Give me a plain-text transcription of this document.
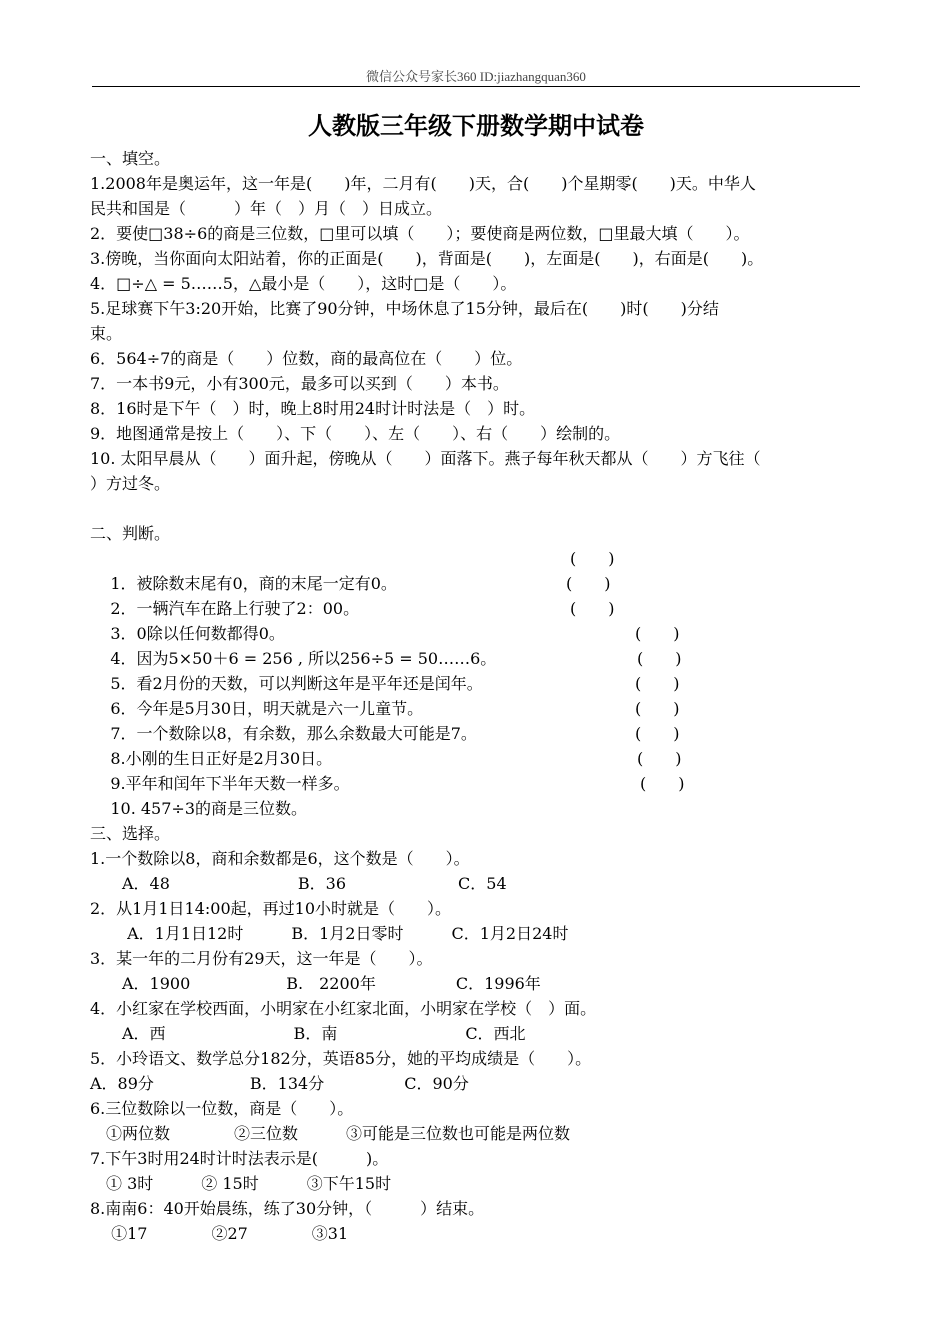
微信公众号家长360 ID:jiazhangquan360
人教版三年级下册数学期中试卷
一、填空。
1.2008年是奥运年，这一年是(　　)年，二月有(　　)天，合(　　)个星期零(　　)天。中华人
民共和国是（　　　）年（　）月（　）日成立。
2．要使□38÷6的商是三位数，□里可以填（　　）；要使商是两位数，□里最大填（　　）。
3.傍晚，当你面向太阳站着，你的正面是(　　)，背面是(　　)，左面是(　　)，右面是(　　)。
4．□÷△ = 5……5，△最小是（　　），这时□是（　　）。
5.足球赛下午3:20开始，比赛了90分钟，中场休息了15分钟，最后在(　　)时(　　)分结
束。
6．564÷7的商是（　　）位数，商的最高位在（　　）位。
7．一本书9元，小有300元，最多可以买到（　　）本书。
8．16时是下午（　）时，晚上8时用24时计时法是（　）时。
9．地图通常是按上（　　）、下（　　）、左（　　）、右（　　）绘制的。
10. 太阳早晨从（　　）面升起，傍晚从（　　）面落下。燕子每年秋天都从（　　）方飞往（
）方过冬。
二、判断。

1．被除数末尾有0，商的末尾一定有0。

(　　)

2．一辆汽车在路上行驶了2：00。

(　　)

3．0除以任何数都得0。

(　　)

4．因为5×50＋6 = 256 , 所以256÷5 = 50……6。

(　　)

5．看2月份的天数，可以判断这年是平年还是闰年。

(　　)

6．今年是5月30日，明天就是六一儿童节。

(　　)

7．一个数除以8，有余数，那么余数最大可能是7。

(　　)

8.小刚的生日正好是2月30日。

(　　)

9.平年和闰年下半年天数一样多。

(　　)

10. 457÷3的商是三位数。

(　　)

三、选择。
1.一个数除以8，商和余数都是6，这个数是（　　）。
　　A．48　　　　　　　　B．36　　　　　　　C．54
2．从1月1日14:00起，再过10小时就是（　　）。
　　 A．1月1日12时　　　B．1月2日零时　　　C．1月2日24时
3．某一年的二月份有29天，这一年是（　　）。
　　A．1900　　　　　　B.　2200年　　　　　C．1996年
4．小红家在学校西面，小明家在小红家北面，小明家在学校（　）面。
　　A．西　　　　　　　　B．南　　　　　　　　C．西北
5．小玲语文、数学总分182分，英语85分，她的平均成绩是（　　）。
A．89分　　　　　　B．134分　　　　　C．90分
6.三位数除以一位数，商是（　　）。
　①两位数　　　　②三位数　　　③可能是三位数也可能是两位数
7.下午3时用24时计时法表示是(　　　)。
　① 3时　　　② 15时　　　③下午15时
8.南南6：40开始晨练，练了30分钟，（　　　）结束。
　 ①17　　　　②27　　　　③31
